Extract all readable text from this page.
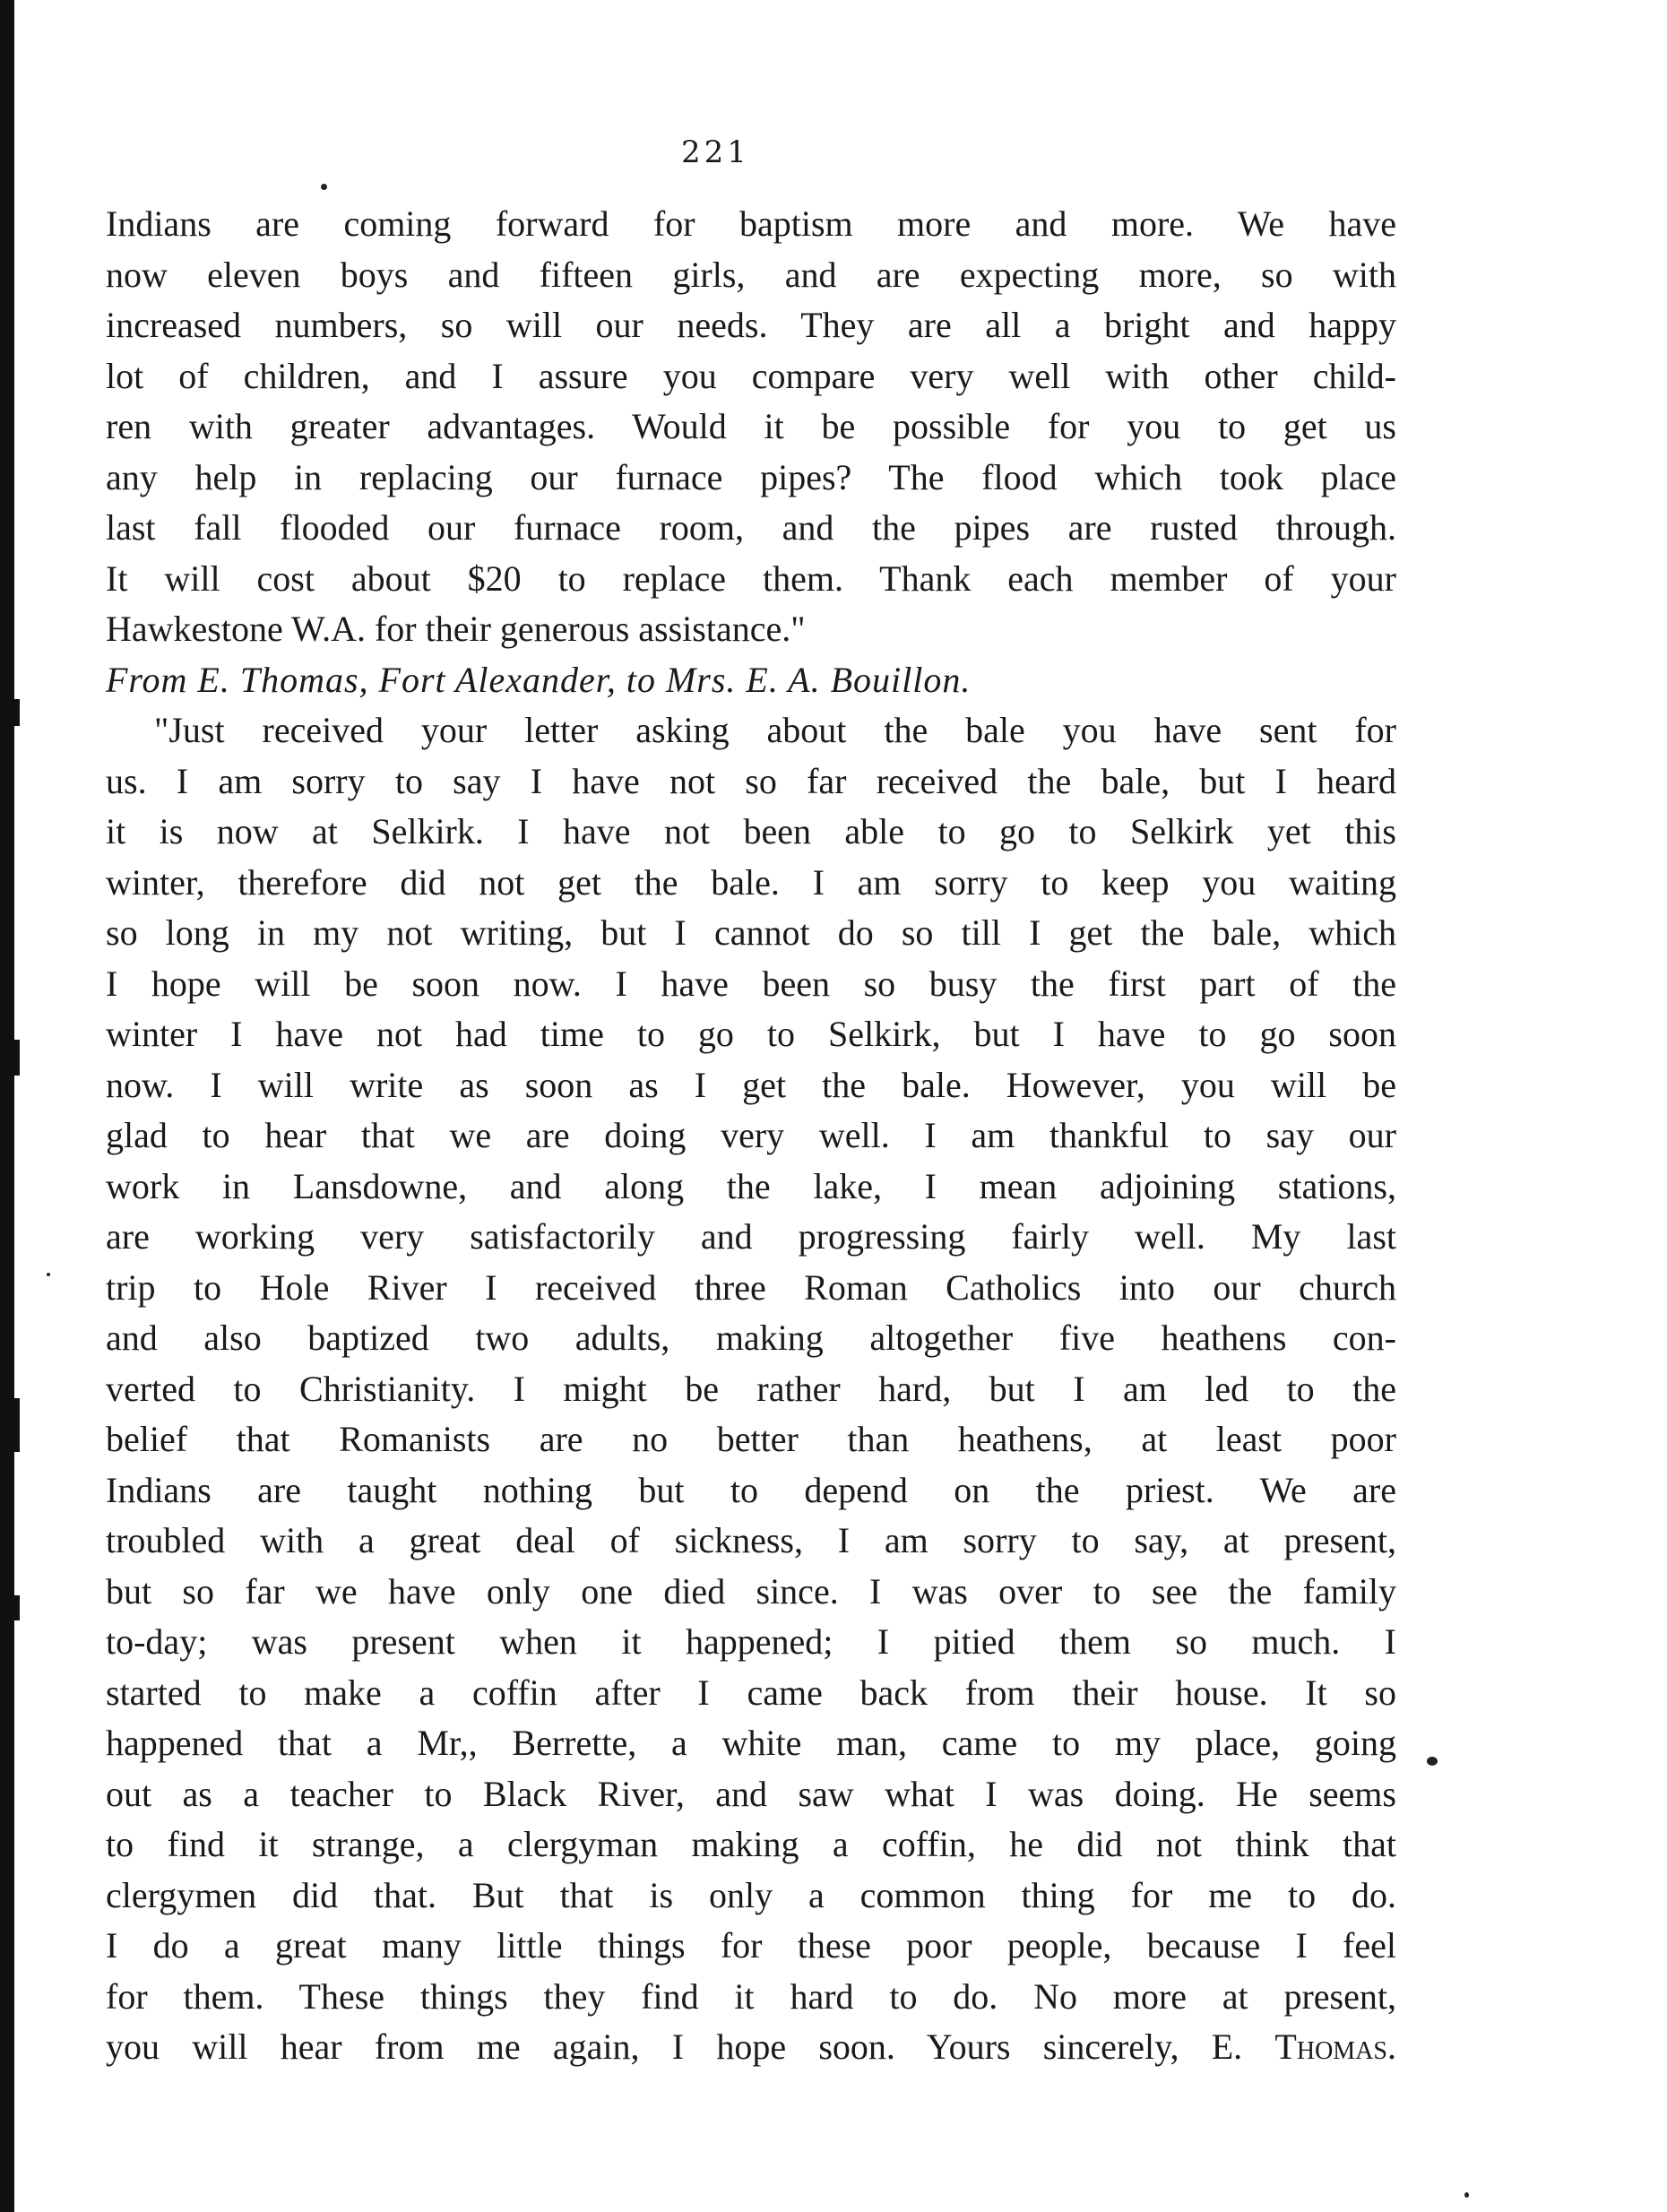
221
Indians are coming forward for baptism more and more. We have
now eleven boys and fifteen girls, and are expecting more, so with
increased numbers, so will our needs. They are all a bright and happy
lot of children, and I assure you compare very well with other child-
ren with greater advantages. Would it be possible for you to get us
any help in replacing our furnace pipes? The flood which took place
last fall flooded our furnace room, and the pipes are rusted through.
It will cost about $20 to replace them. Thank each member of your
Hawkestone W.A. for their generous assistance."
From E. Thomas, Fort Alexander, to Mrs. E. A. Bouillon.
"Just received your letter asking about the bale you have sent for
us. I am sorry to say I have not so far received the bale, but I heard
it is now at Selkirk. I have not been able to go to Selkirk yet this
winter, therefore did not get the bale. I am sorry to keep you waiting
so long in my not writing, but I cannot do so till I get the bale, which
I hope will be soon now. I have been so busy the first part of the
winter I have not had time to go to Selkirk, but I have to go soon
now. I will write as soon as I get the bale. However, you will be
glad to hear that we are doing very well. I am thankful to say our
work in Lansdowne, and along the lake, I mean adjoining stations,
are working very satisfactorily and progressing fairly well. My last
trip to Hole River I received three Roman Catholics into our church
and also baptized two adults, making altogether five heathens con-
verted to Christianity. I might be rather hard, but I am led to the
belief that Romanists are no better than heathens, at least poor
Indians are taught nothing but to depend on the priest. We are
troubled with a great deal of sickness, I am sorry to say, at present,
but so far we have only one died since. I was over to see the family
to-day; was present when it happened; I pitied them so much. I
started to make a coffin after I came back from their house. It so
happened that a Mr,, Berrette, a white man, came to my place, going
out as a teacher to Black River, and saw what I was doing. He seems
to find it strange, a clergyman making a coffin, he did not think that
clergymen did that. But that is only a common thing for me to do.
I do a great many little things for these poor people, because I feel
for them. These things they find it hard to do. No more at present,
you will hear from me again, I hope soon. Yours sincerely, E. Thomas.
